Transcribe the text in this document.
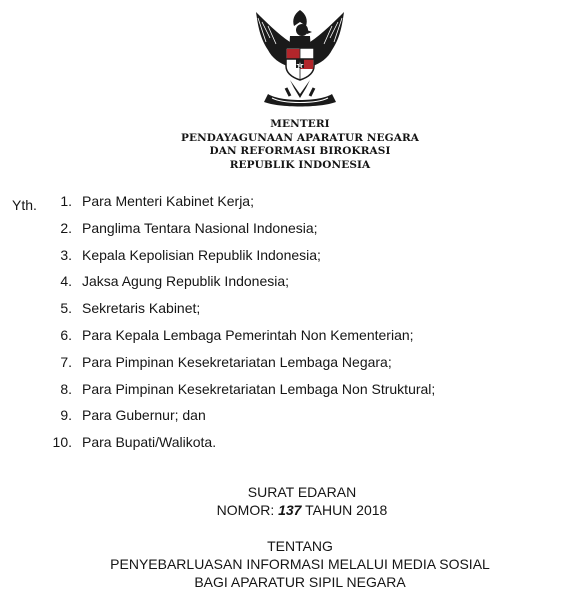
MENTERI
PENDAYAGUNAAN APARATUR NEGARA
DAN REFORMASI BIROKRASI
REPUBLIK INDONESIA
Yth.	1. Para Menteri Kabinet Kerja;
2. Panglima Tentara Nasional Indonesia;
3. Kepala Kepolisian Republik Indonesia;
4. Jaksa Agung Republik Indonesia;
5. Sekretaris Kabinet;
6. Para Kepala Lembaga Pemerintah Non Kementerian;
7. Para Pimpinan Kesekretariatan Lembaga Negara;
8. Para Pimpinan Kesekretariatan Lembaga Non Struktural;
9. Para Gubernur; dan
10. Para Bupati/Walikota.
SURAT EDARAN
NOMOR: 137 TAHUN 2018
TENTANG
PENYEBARLUASAN INFORMASI MELALUI MEDIA SOSIAL
BAGI APARATUR SIPIL NEGARA
